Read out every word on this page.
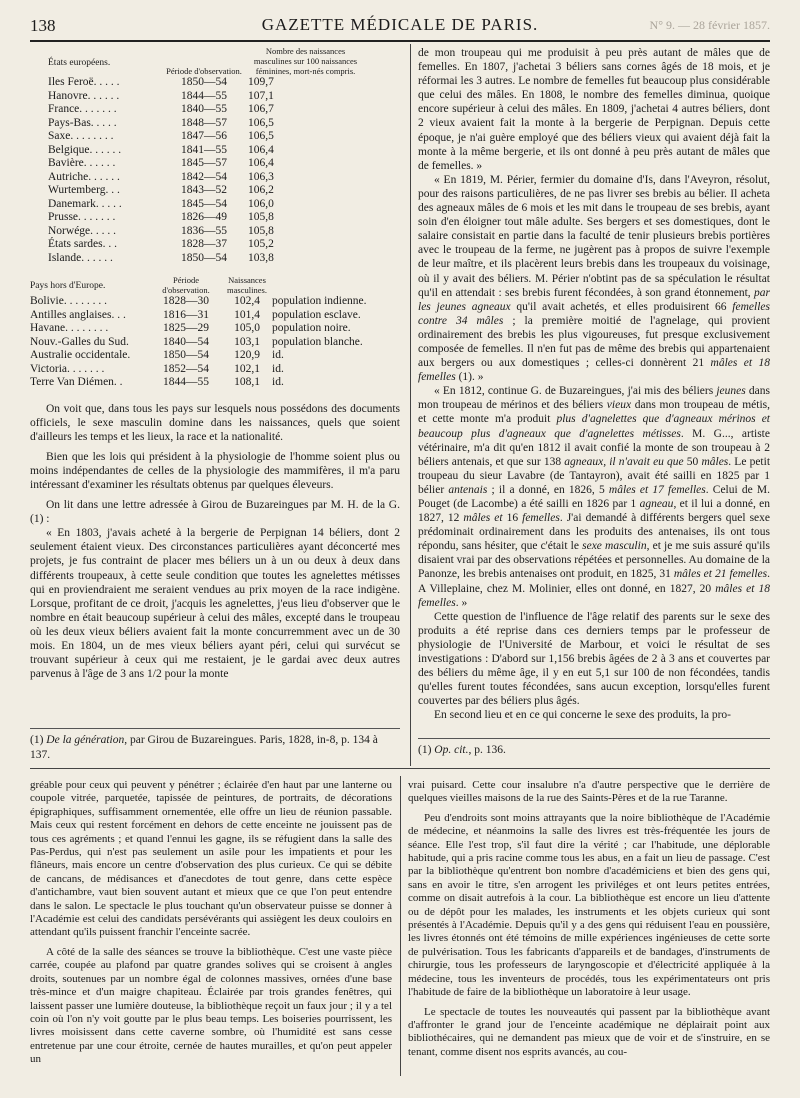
138	GAZETTE MÉDICALE DE PARIS.	N° 9. — 28 février 1857.
États européens.	Période d'observation.	Nombre des naissances masculines sur 100 naissances féminines, mort-nés compris.

Iles Feroë. . . . .	1850—54	109,7
Hanovre. . . . . .	1844—55	107,1
France. . . . . . .	1840—55	106,7
Pays-Bas. . . . .	1848—57	106,5
Saxe. . . . . . . .	1847—56	106,5
Belgique. . . . . .	1841—55	106,4
Bavière. . . . . .	1845—57	106,4
Autriche. . . . . .	1842—54	106,3
Wurtemberg. . .	1843—52	106,2
Danemark. . . . .	1845—54	106,0
Prusse. . . . . . .	1826—49	105,8
Norwége. . . . .	1836—55	105,8
États sardes. . .	1828—37	105,2
Islande. . . . . .	1850—54	103,8
Pays hors d'Europe.	Période d'observation.	Naissances masculines.	

Bolivie. . . . . . . .	1828—30	102,4	population indienne.
Antilles anglaises. . .	1816—31	101,4	population esclave.
Havane. . . . . . . .	1825—29	105,0	population noire.
Nouv.-Galles du Sud.	1840—54	103,1	population blanche.
Australie occidentale.	1850—54	120,9	id.
Victoria. . . . . . .	1852—54	102,1	id.
Terre Van Diémen. .	1844—55	108,1	id.

On voit que, dans tous les pays sur lesquels nous possédons des documents officiels, le sexe masculin domine dans les naissances, quels que soient d'ailleurs les temps et les lieux, la race et la nationalité.

Bien que les lois qui président à la physiologie de l'homme soient plus ou moins indépendantes de celles de la physiologie des mammifères, il m'a paru intéressant d'examiner les résultats obtenus par quelques éleveurs.

On lit dans une lettre adressée à Girou de Buzareingues par M. H. de la G. (1) :

« En 1803, j'avais acheté à la bergerie de Perpignan 14 béliers, dont 2 seulement étaient vieux. Des circonstances particulières ayant déconcerté mes projets, je fus contraint de placer mes béliers un à un ou deux à deux dans différents troupeaux, à cette seule condition que toutes les agnelettes métisses qui en proviendraient me seraient vendues au prix moyen de la race indigène. Lorsque, profitant de ce droit, j'acquis les agnelettes, j'eus lieu d'observer que le nombre en était beaucoup supérieur à celui des mâles, excepté dans le troupeau où les deux vieux béliers avaient fait la monte concurremment avec un de 30 mois. En 1804, un de mes vieux béliers ayant péri, celui qui survécut se trouvant supérieur à ceux qui me restaient, je le gardai avec deux autres parvenus à l'âge de 3 ans 1/2 pour la monte

(1) De la génération, par Girou de Buzareingues. Paris, 1828, in-8, p. 134 à 137.

de mon troupeau qui me produisit à peu près autant de mâles que de femelles. En 1807, j'achetai 3 béliers sans cornes âgés de 18 mois, et je réformai les 3 autres. Le nombre de femelles fut beaucoup plus considérable que celui des mâles. En 1808, le nombre des femelles diminua, quoique encore supérieur à celui des mâles. En 1809, j'achetai 4 autres béliers, dont 2 vieux avaient fait la monte à la bergerie de Perpignan. Depuis cette époque, je n'ai guère employé que des béliers vieux qui avaient déjà fait la monte à la même bergerie, et ils ont donné à peu près autant de mâles que de femelles. »

« En 1819, M. Périer, fermier du domaine d'Is, dans l'Aveyron, résolut, pour des raisons particulières, de ne pas livrer ses brebis au bélier. Il acheta des agneaux mâles de 6 mois et les mit dans le troupeau de ses brebis, ayant soin d'en éloigner tout mâle adulte. Ses bergers et ses domestiques, dont le salaire consistait en partie dans la faculté de tenir plusieurs brebis portières avec le troupeau de la ferme, ne jugèrent pas à propos de suivre l'exemple de leur maître, et ils placèrent leurs brebis dans les troupeaux du voisinage, où il y avait des béliers. M. Périer n'obtint pas de sa spéculation le résultat qu'il en attendait : ses brebis furent fécondées, à son grand étonnement, par les jeunes agneaux qu'il avait achetés, et elles produisirent 66 femelles contre 34 mâles ; la première moitié de l'agnelage, qui provient ordinairement des brebis les plus vigoureuses, fut presque exclusivement composée de femelles. Il n'en fut pas de même des brebis qui appartenaient aux bergers ou aux domestiques ; celles-ci donnèrent 21 mâles et 18 femelles (1). »

« En 1812, continue G. de Buzareingues, j'ai mis des béliers jeunes dans mon troupeau de mérinos et des béliers vieux dans mon troupeau de métis, et cette monte m'a produit plus d'agnelettes que d'agneaux mérinos et beaucoup plus d'agneaux que d'agnelettes métisses. M. G..., artiste vétérinaire, m'a dit qu'en 1812 il avait confié la monte de son troupeau à 2 béliers antenais, et que sur 138 agneaux, il n'avait eu que 50 mâles. Le petit troupeau du sieur Lavabre (de Tantayron), avait été sailli en 1825 par 1 bélier antenais ; il a donné, en 1826, 5 mâles et 17 femelles. Celui de M. Pouget (de Lacombe) a été sailli en 1826 par 1 agneau, et il lui a donné, en 1827, 12 mâles et 16 femelles. J'ai demandé à différents bergers quel sexe prédominait ordinairement dans les produits des antenaises, ils ont tous répondu, sans hésiter, que c'était le sexe masculin, et je me suis assuré qu'ils disaient vrai par des observations répétées et personnelles. Au domaine de la Panonze, les brebis antenaises ont produit, en 1825, 31 mâles et 21 femelles. A Villeplaine, chez M. Molinier, elles ont donné, en 1827, 20 mâles et 18 femelles. »

Cette question de l'influence de l'âge relatif des parents sur le sexe des produits a été reprise dans ces derniers temps par le professeur de physiologie de l'Université de Marbour, et voici le résultat de ses investigations : D'abord sur 1,156 brebis âgées de 2 à 3 ans et couvertes par des béliers du même âge, il y en eut 5,1 sur 100 de non fécondées, tandis qu'elles furent toutes fécondées, sans aucun exception, lorsqu'elles furent couvertes par des béliers plus âgés.

En second lieu et en ce qui concerne le sexe des produits, la pro-

(1) Op. cit., p. 136.

gréable pour ceux qui peuvent y pénétrer ; éclairée d'en haut par une lanterne ou coupole vitrée, parquetée, tapissée de peintures, de portraits, de décorations épigraphiques, suffisamment ornementée, elle offre un lieu de réunion passable. Mais ceux qui restent forcément en dehors de cette enceinte ne jouissent pas de tous ces agréments ; et quand l'ennui les gagne, ils se réfugient dans la salle des Pas-Perdus, qui n'est pas seulement un asile pour les impatients et pour les flâneurs, mais encore un centre d'observation des plus curieux. Ce qui se débite de cancans, de médisances et d'anecdotes de tout genre, dans cette espèce d'antichambre, vaut bien souvent autant et mieux que ce que l'on peut entendre dans le salon. Le spectacle le plus touchant qu'un observateur puisse se donner à l'Académie est celui des candidats persévérants qui assiègent les deux couloirs en attendant qu'ils puissent franchir l'enceinte sacrée.

A côté de la salle des séances se trouve la bibliothèque. C'est une vaste pièce carrée, coupée au plafond par quatre grandes solives qui se croisent à angles droits, soutenues par un nombre égal de colonnes massives, ornées d'une base très-mince et d'un maigre chapiteau. Éclairée par trois grandes fenêtres, qui laissent passer une lumière douteuse, la bibliothèque reçoit un faux jour ; il y a tel coin où l'on n'y voit goutte par le plus beau temps. Les boiseries pourrissent, les livres moisissent dans cette caverne sombre, où l'humidité est sans cesse entretenue par une cour étroite, cernée de hautes murailles, et qu'on peut appeler un

vrai puisard. Cette cour insalubre n'a d'autre perspective que le derrière de quelques vieilles maisons de la rue des Saints-Pères et de la rue Taranne.

Peu d'endroits sont moins attrayants que la noire bibliothèque de l'Académie de médecine, et néanmoins la salle des livres est très-fréquentée les jours de séance. Elle l'est trop, s'il faut dire la vérité ; car l'habitude, une déplorable habitude, qui a pris racine comme tous les abus, en a fait un lieu de passage. C'est par la bibliothèque qu'entrent bon nombre d'académiciens et bien des gens qui, sans en avoir le titre, s'en arrogent les priviléges et ont leurs petites entrées, comme on disait autrefois à la cour. La bibliothèque est encore un lieu d'attente ou de dépôt pour les malades, les instruments et les objets curieux qui sont présentés à l'Académie. Depuis qu'il y a des gens qui réduisent l'eau en poussière, les livres étonnés ont été témoins de mille expériences ingénieuses de cette sorte de pulvérisation. Tous les fabricants d'appareils et de bandages, d'instruments de chirurgie, tous les professeurs de laryngoscopie et d'électricité appliquée à la médecine, tous les inventeurs de procédés, tous les expérimentateurs ont pris l'habitude de faire de la bibliothèque un laboratoire à leur usage.

Le spectacle de toutes les nouveautés qui passent par la bibliothèque avant d'affronter le grand jour de l'enceinte académique ne déplairait point aux bibliothécaires, qui ne demandent pas mieux que de voir et de s'instruire, en se tenant, comme disent nos esprits avancés, au cou-
